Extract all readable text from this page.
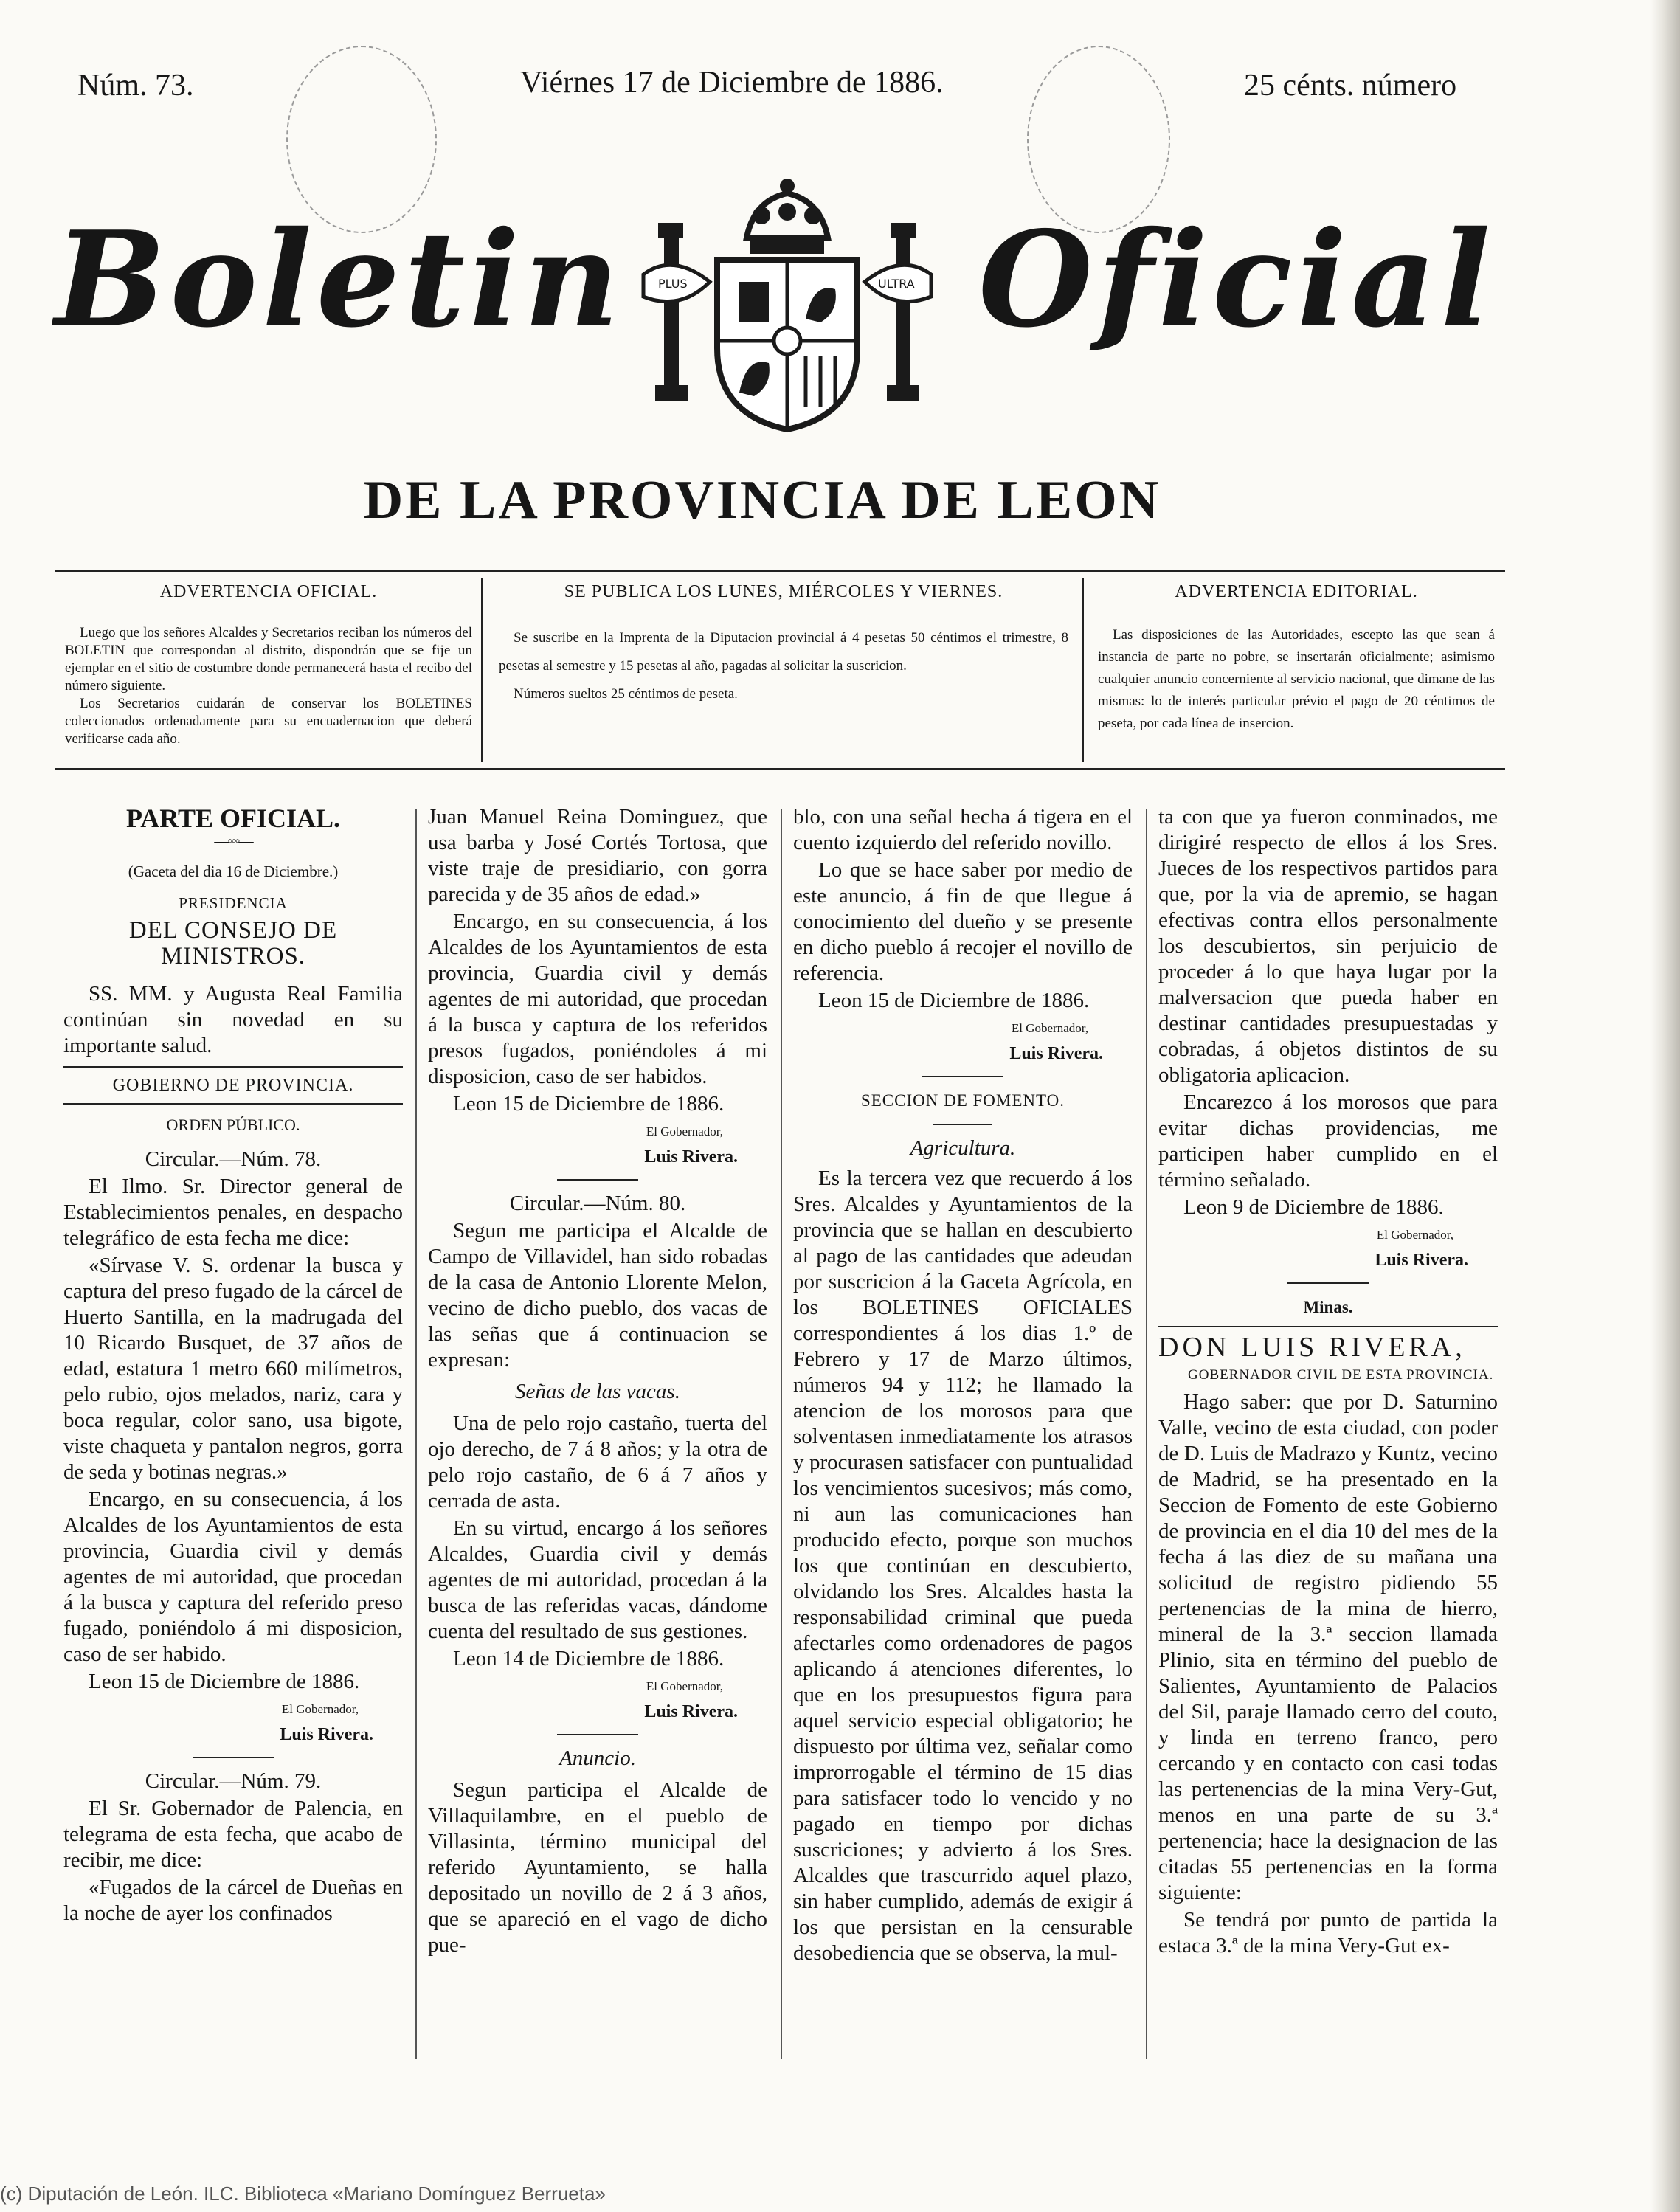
Núm. 73.	Viérnes 17 de Diciembre de 1886.	25 cénts. número
Boletin	Oficial
PLUS	ULTRA
DE LA PROVINCIA DE LEON
ADVERTENCIA OFICIAL.

Luego que los señores Alcaldes y Secretarios reciban los números del BOLETIN que correspondan al distrito, dispondrán que se fije un ejemplar en el sitio de costumbre donde permanecerá hasta el recibo del número siguiente.

Los Secretarios cuidarán de conservar los BOLETINES coleccionados ordenadamente para su encuadernacion que deberá verificarse cada año.

SE PUBLICA LOS LUNES, MIÉRCOLES Y VIERNES.

Se suscribe en la Imprenta de la Diputacion provincial á 4 pesetas 50 céntimos el trimestre, 8 pesetas al semestre y 15 pesetas al año, pagadas al solicitar la suscricion.

Números sueltos 25 céntimos de peseta.

ADVERTENCIA EDITORIAL.

Las disposiciones de las Autoridades, escepto las que sean á instancia de parte no pobre, se insertarán oficialmente; asimismo cualquier anuncio concerniente al servicio nacional, que dimane de las mismas: lo de interés particular prévio el pago de 20 céntimos de peseta, por cada línea de insercion.

PARTE OFICIAL.
—◦◦◦—

(Gaceta del dia 16 de Diciembre.)

PRESIDENCIA

DEL CONSEJO DE MINISTROS.

SS. MM. y Augusta Real Familia continúan sin novedad en su importante salud.

GOBIERNO DE PROVINCIA.

ORDEN PÚBLICO.

Circular.—Núm. 78.

El Ilmo. Sr. Director general de Establecimientos penales, en despacho telegráfico de esta fecha me dice:

«Sírvase V. S. ordenar la busca y captura del preso fugado de la cárcel de Huerto Santilla, en la madrugada del 10 Ricardo Busquet, de 37 años de edad, estatura 1 metro 660 milímetros, pelo rubio, ojos melados, nariz, cara y boca regular, color sano, usa bigote, viste chaqueta y pantalon negros, gorra de seda y botinas negras.»

Encargo, en su consecuencia, á los Alcaldes de los Ayuntamientos de esta provincia, Guardia civil y demás agentes de mi autoridad, que procedan á la busca y captura del referido preso fugado, poniéndolo á mi disposicion, caso de ser habido.

Leon 15 de Diciembre de 1886.

El Gobernador,

Luis Rivera.

Circular.—Núm. 79.

El Sr. Gobernador de Palencia, en telegrama de esta fecha, que acabo de recibir, me dice:

«Fugados de la cárcel de Dueñas en la noche de ayer los confinados

Juan Manuel Reina Dominguez, que usa barba y José Cortés Tortosa, que viste traje de presidiario, con gorra parecida y de 35 años de edad.»

Encargo, en su consecuencia, á los Alcaldes de los Ayuntamientos de esta provincia, Guardia civil y demás agentes de mi autoridad, que procedan á la busca y captura de los referidos presos fugados, poniéndoles á mi disposicion, caso de ser habidos.

Leon 15 de Diciembre de 1886.

El Gobernador,

Luis Rivera.

Circular.—Núm. 80.

Segun me participa el Alcalde de Campo de Villavidel, han sido robadas de la casa de Antonio Llorente Melon, vecino de dicho pueblo, dos vacas de las señas que á continuacion se expresan:

Señas de las vacas.

Una de pelo rojo castaño, tuerta del ojo derecho, de 7 á 8 años; y la otra de pelo rojo castaño, de 6 á 7 años y cerrada de asta.

En su virtud, encargo á los señores Alcaldes, Guardia civil y demás agentes de mi autoridad, procedan á la busca de las referidas vacas, dándome cuenta del resultado de sus gestiones.

Leon 14 de Diciembre de 1886.

El Gobernador,

Luis Rivera.

Anuncio.

Segun participa el Alcalde de Villaquilambre, en el pueblo de Villasinta, término municipal del referido Ayuntamiento, se halla depositado un novillo de 2 á 3 años, que se apareció en el vago de dicho pue-

blo, con una señal hecha á tigera en el cuento izquierdo del referido novillo.

Lo que se hace saber por medio de este anuncio, á fin de que llegue á conocimiento del dueño y se presente en dicho pueblo á recojer el novillo de referencia.

Leon 15 de Diciembre de 1886.

El Gobernador,

Luis Rivera.

SECCION DE FOMENTO.

Agricultura.

Es la tercera vez que recuerdo á los Sres. Alcaldes y Ayuntamientos de la provincia que se hallan en descubierto al pago de las cantidades que adeudan por suscricion á la Gaceta Agrícola, en los BOLETINES OFICIALES correspondientes á los dias 1.º de Febrero y 17 de Marzo últimos, números 94 y 112; he llamado la atencion de los morosos para que solventasen inmediatamente los atrasos y procurasen satisfacer con puntualidad los vencimientos sucesivos; más como, ni aun las comunicaciones han producido efecto, porque son muchos los que continúan en descubierto, olvidando los Sres. Alcaldes hasta la responsabilidad criminal que pueda afectarles como ordenadores de pagos aplicando á atenciones diferentes, lo que en los presupuestos figura para aquel servicio especial obligatorio; he dispuesto por última vez, señalar como improrrogable el término de 15 dias para satisfacer todo lo vencido y no pagado en tiempo por dichas suscriciones; y advierto á los Sres. Alcaldes que trascurrido aquel plazo, sin haber cumplido, además de exigir á los que persistan en la censurable desobediencia que se observa, la mul-

ta con que ya fueron conminados, me dirigiré respecto de ellos á los Sres. Jueces de los respectivos partidos para que, por la via de apremio, se hagan efectivas contra ellos personalmente los descubiertos, sin perjuicio de proceder á lo que haya lugar por la malversacion que pueda haber en destinar cantidades presupuestadas y cobradas, á objetos distintos de su obligatoria aplicacion.

Encarezco á los morosos que para evitar dichas providencias, me participen haber cumplido en el término señalado.

Leon 9 de Diciembre de 1886.

El Gobernador,

Luis Rivera.

Minas.

DON LUIS RIVERA,

GOBERNADOR CIVIL DE ESTA PROVINCIA.

Hago saber: que por D. Saturnino Valle, vecino de esta ciudad, con poder de D. Luis de Madrazo y Kuntz, vecino de Madrid, se ha presentado en la Seccion de Fomento de este Gobierno de provincia en el dia 10 del mes de la fecha á las diez de su mañana una solicitud de registro pidiendo 55 pertenencias de la mina de hierro, mineral de la 3.ª seccion llamada Plinio, sita en término del pueblo de Salientes, Ayuntamiento de Palacios del Sil, paraje llamado cerro del couto, y linda en terreno franco, pero cercando y en contacto con casi todas las pertenencias de la mina Very-Gut, menos en una parte de su 3.ª pertenencia; hace la designacion de las citadas 55 pertenencias en la forma siguiente:

Se tendrá por punto de partida la estaca 3.ª de la mina Very-Gut ex-

(c) Diputación de León. ILC. Biblioteca «Mariano Domínguez Berrueta»
